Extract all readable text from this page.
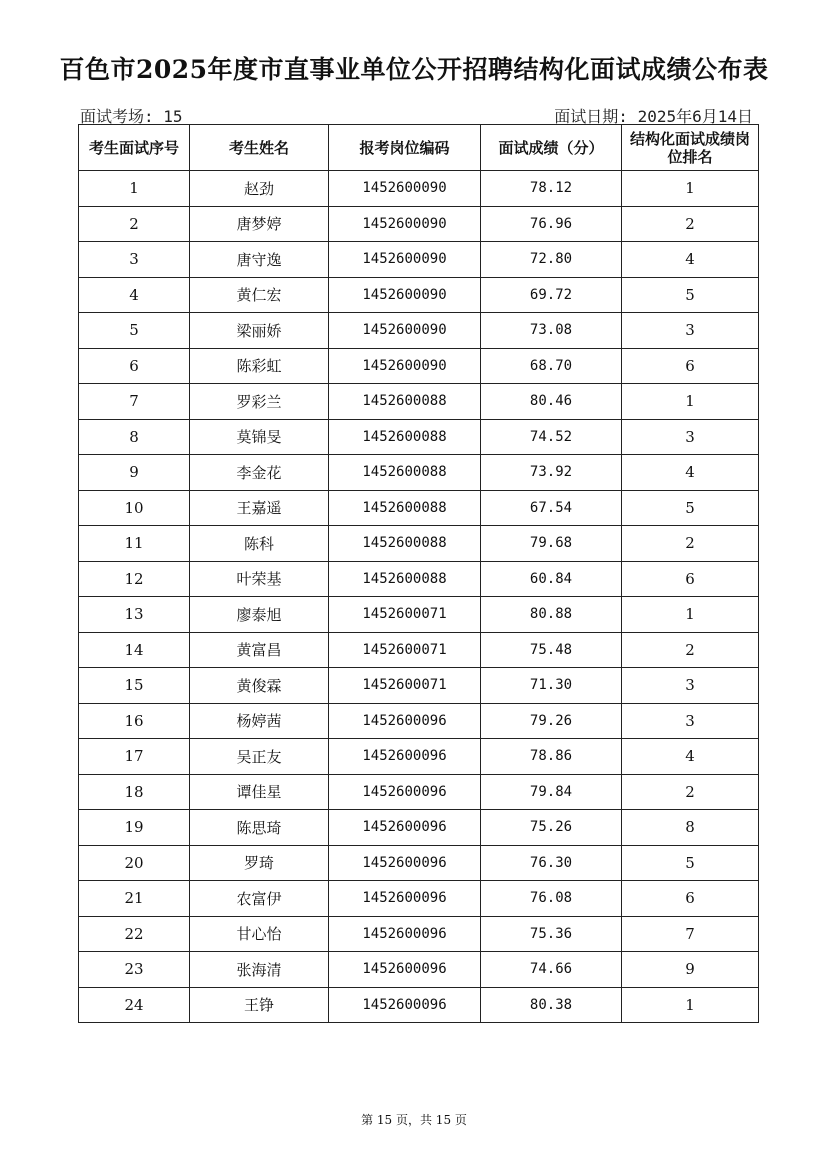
百色市2025年度市直事业单位公开招聘结构化面试成绩公布表
面试考场: 15	面试日期: 2025年6月14日
考生面试序号	考生姓名	报考岗位编码	面试成绩（分）	结构化面试成绩岗位排名
1	赵劲	1452600090	78.12	1
2	唐梦婷	1452600090	76.96	2
3	唐守逸	1452600090	72.80	4
4	黄仁宏	1452600090	69.72	5
5	梁丽娇	1452600090	73.08	3
6	陈彩虹	1452600090	68.70	6
7	罗彩兰	1452600088	80.46	1
8	莫锦旻	1452600088	74.52	3
9	李金花	1452600088	73.92	4
10	王嘉遥	1452600088	67.54	5
11	陈科	1452600088	79.68	2
12	叶荣基	1452600088	60.84	6
13	廖泰旭	1452600071	80.88	1
14	黄富昌	1452600071	75.48	2
15	黄俊霖	1452600071	71.30	3
16	杨婷茜	1452600096	79.26	3
17	吴正友	1452600096	78.86	4
18	谭佳星	1452600096	79.84	2
19	陈思琦	1452600096	75.26	8
20	罗琦	1452600096	76.30	5
21	农富伊	1452600096	76.08	6
22	甘心怡	1452600096	75.36	7
23	张海清	1452600096	74.66	9
24	王铮	1452600096	80.38	1
第 15 页，共 15 页
